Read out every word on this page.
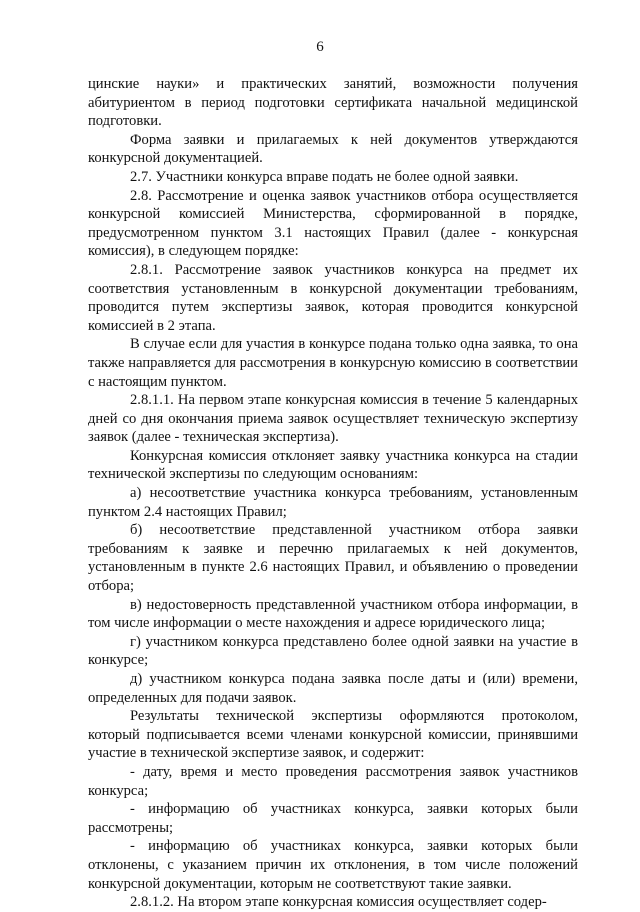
6

цинские науки» и практических занятий, возможности получения абитуриентом в период подготовки сертификата начальной медицинской подготовки.

Форма заявки и прилагаемых к ней документов утверждаются конкурсной документацией.

2.7. Участники конкурса вправе подать не более одной заявки.

2.8. Рассмотрение и оценка заявок участников отбора осуществляется конкурсной комиссией Министерства, сформированной в порядке, предусмотренном пунктом 3.1 настоящих Правил (далее - конкурсная комиссия), в следующем порядке:

2.8.1. Рассмотрение заявок участников конкурса на предмет их соответствия установленным в конкурсной документации требованиям, проводится путем экспертизы заявок, которая проводится конкурсной комиссией в 2 этапа.

В случае если для участия в конкурсе подана только одна заявка, то она также направляется для рассмотрения в конкурсную комиссию в соответствии с настоящим пунктом.

2.8.1.1. На первом этапе конкурсная комиссия в течение 5 календарных дней со дня окончания приема заявок осуществляет техническую экспертизу заявок (далее - техническая экспертиза).

Конкурсная комиссия отклоняет заявку участника конкурса на стадии технической экспертизы по следующим основаниям:

а) несоответствие участника конкурса требованиям, установленным пунктом 2.4 настоящих Правил;

б) несоответствие представленной участником отбора заявки требованиям к заявке и перечню прилагаемых к ней документов, установленным в пункте 2.6 настоящих Правил, и объявлению о проведении отбора;

в) недостоверность представленной участником отбора информации, в том числе информации о месте нахождения и адресе юридического лица;

г) участником конкурса представлено более одной заявки на участие в конкурсе;

д) участником конкурса подана заявка после даты и (или) времени, определенных для подачи заявок.

Результаты технической экспертизы оформляются протоколом, который подписывается всеми членами конкурсной комиссии, принявшими участие в технической экспертизе заявок, и содержит:

- дату, время и место проведения рассмотрения заявок участников конкурса;

- информацию об участниках конкурса, заявки которых были рассмотрены;

- информацию об участниках конкурса, заявки которых были отклонены, с указанием причин их отклонения, в том числе положений конкурсной документации, которым не соответствуют такие заявки.

2.8.1.2. На втором этапе конкурсная комиссия осуществляет содер-
